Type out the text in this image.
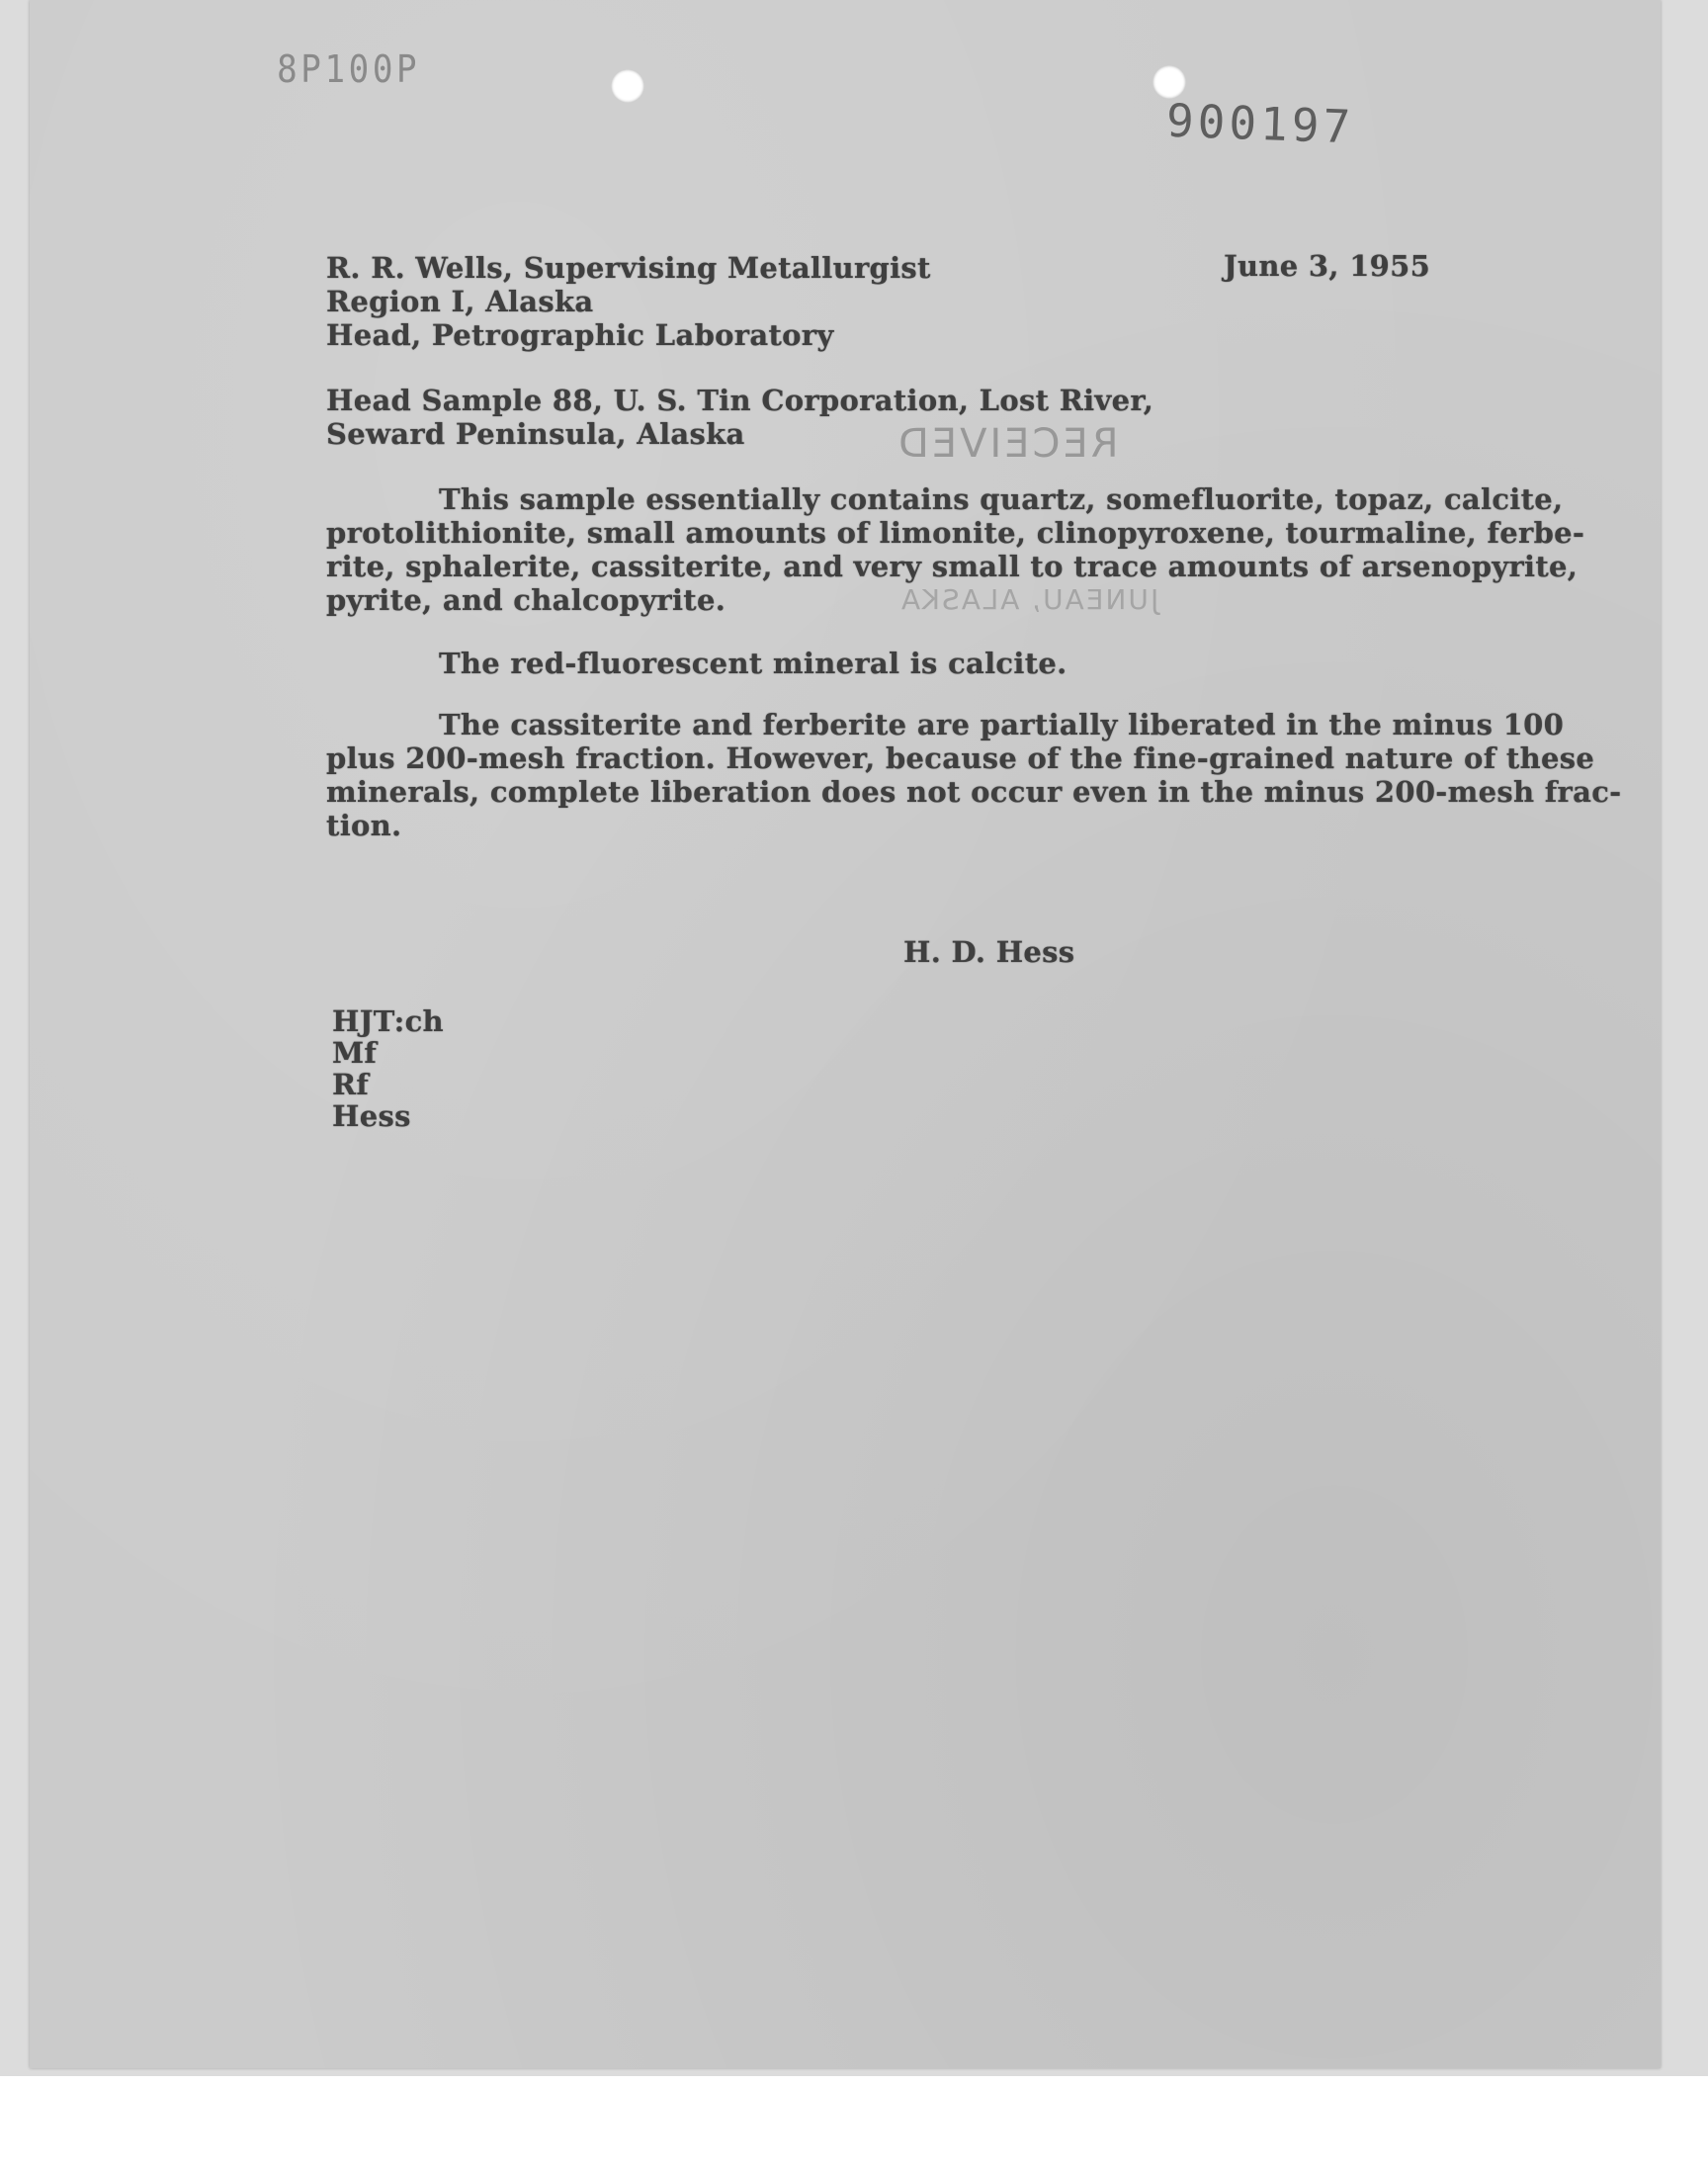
8P100P
900197
June 3, 1955
R. R. Wells, Supervising Metallurgist
Region I, Alaska
Head, Petrographic Laboratory
Head Sample 88, U. S. Tin Corporation, Lost River,
Seward Peninsula, Alaska	RECEIVED
JUNEAU, ALASKA
This sample essentially contains quartz, somefluorite, topaz, calcite,
protolithionite, small amounts of limonite, clinopyroxene, tourmaline, ferbe-
rite, sphalerite, cassiterite, and very small to trace amounts of arsenopyrite,
pyrite, and chalcopyrite.
The red-fluorescent mineral is calcite.
The cassiterite and ferberite are partially liberated in the minus 100
plus 200-mesh fraction. However, because of the fine-grained nature of these
minerals, complete liberation does not occur even in the minus 200-mesh frac-
tion.
H. D. Hess
HJT:ch
Mf
Rf
Hess
